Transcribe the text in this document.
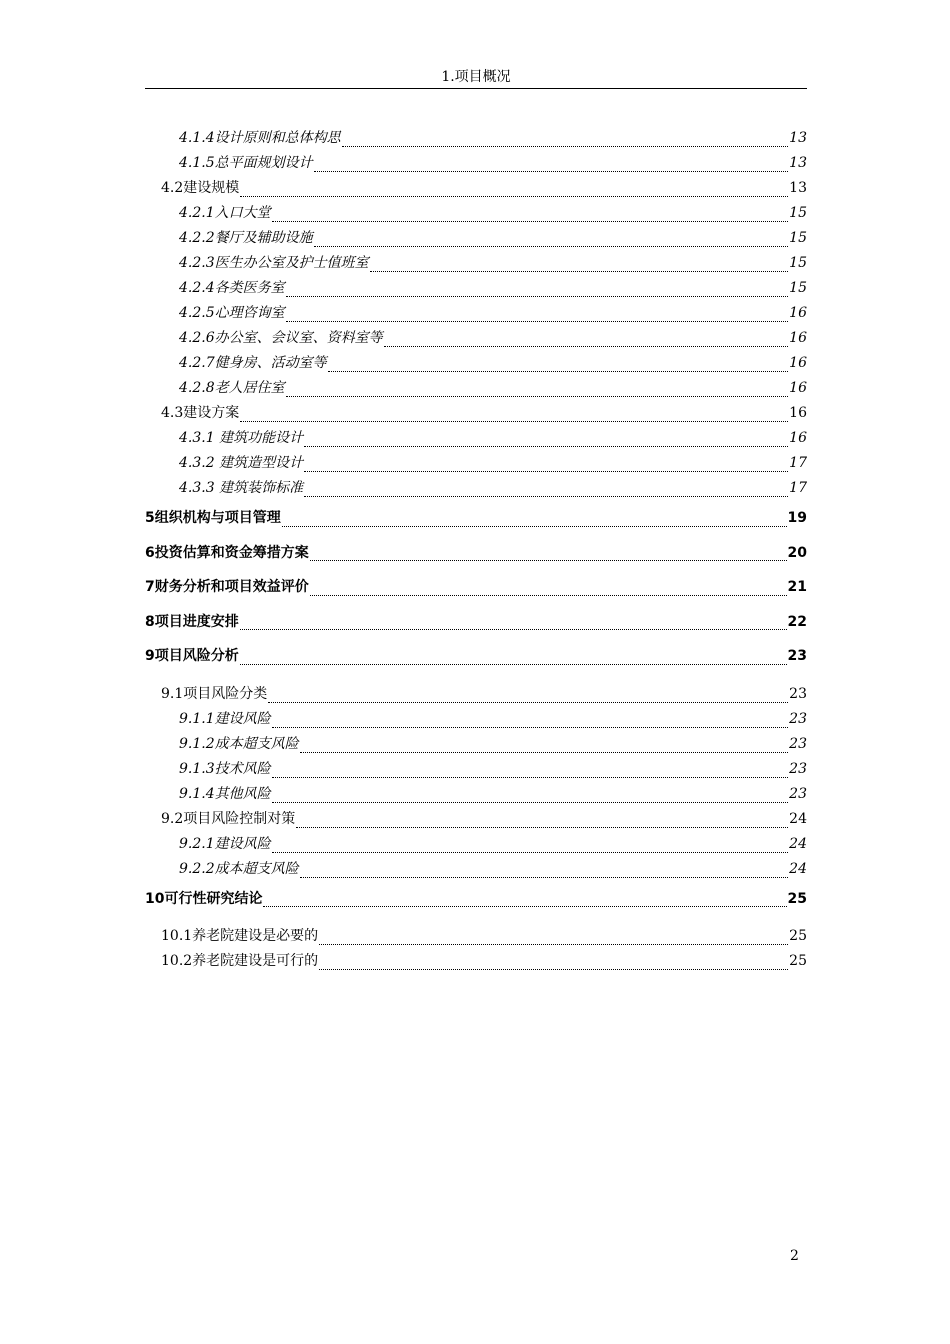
1.项目概况
4.1.4设计原则和总体构思	13
4.1.5总平面规划设计	13
4.2建设规模	13
4.2.1入口大堂	15
4.2.2餐厅及辅助设施	15
4.2.3医生办公室及护士值班室	15
4.2.4各类医务室	15
4.2.5心理咨询室	16
4.2.6办公室、会议室、资料室等	16
4.2.7健身房、活动室等	16
4.2.8老人居住室	16
4.3建设方案	16
4.3.1 建筑功能设计	16
4.3.2 建筑造型设计	17
4.3.3 建筑装饰标准	17
5组织机构与项目管理	19
6投资估算和资金筹措方案	20
7财务分析和项目效益评价	21
8项目进度安排	22
9项目风险分析	23
9.1项目风险分类	23
9.1.1建设风险	23
9.1.2成本超支风险	23
9.1.3技术风险	23
9.1.4其他风险	23
9.2项目风险控制对策	24
9.2.1建设风险	24
9.2.2成本超支风险	24
10可行性研究结论	25
10.1养老院建设是必要的	25
10.2养老院建设是可行的	25
2
